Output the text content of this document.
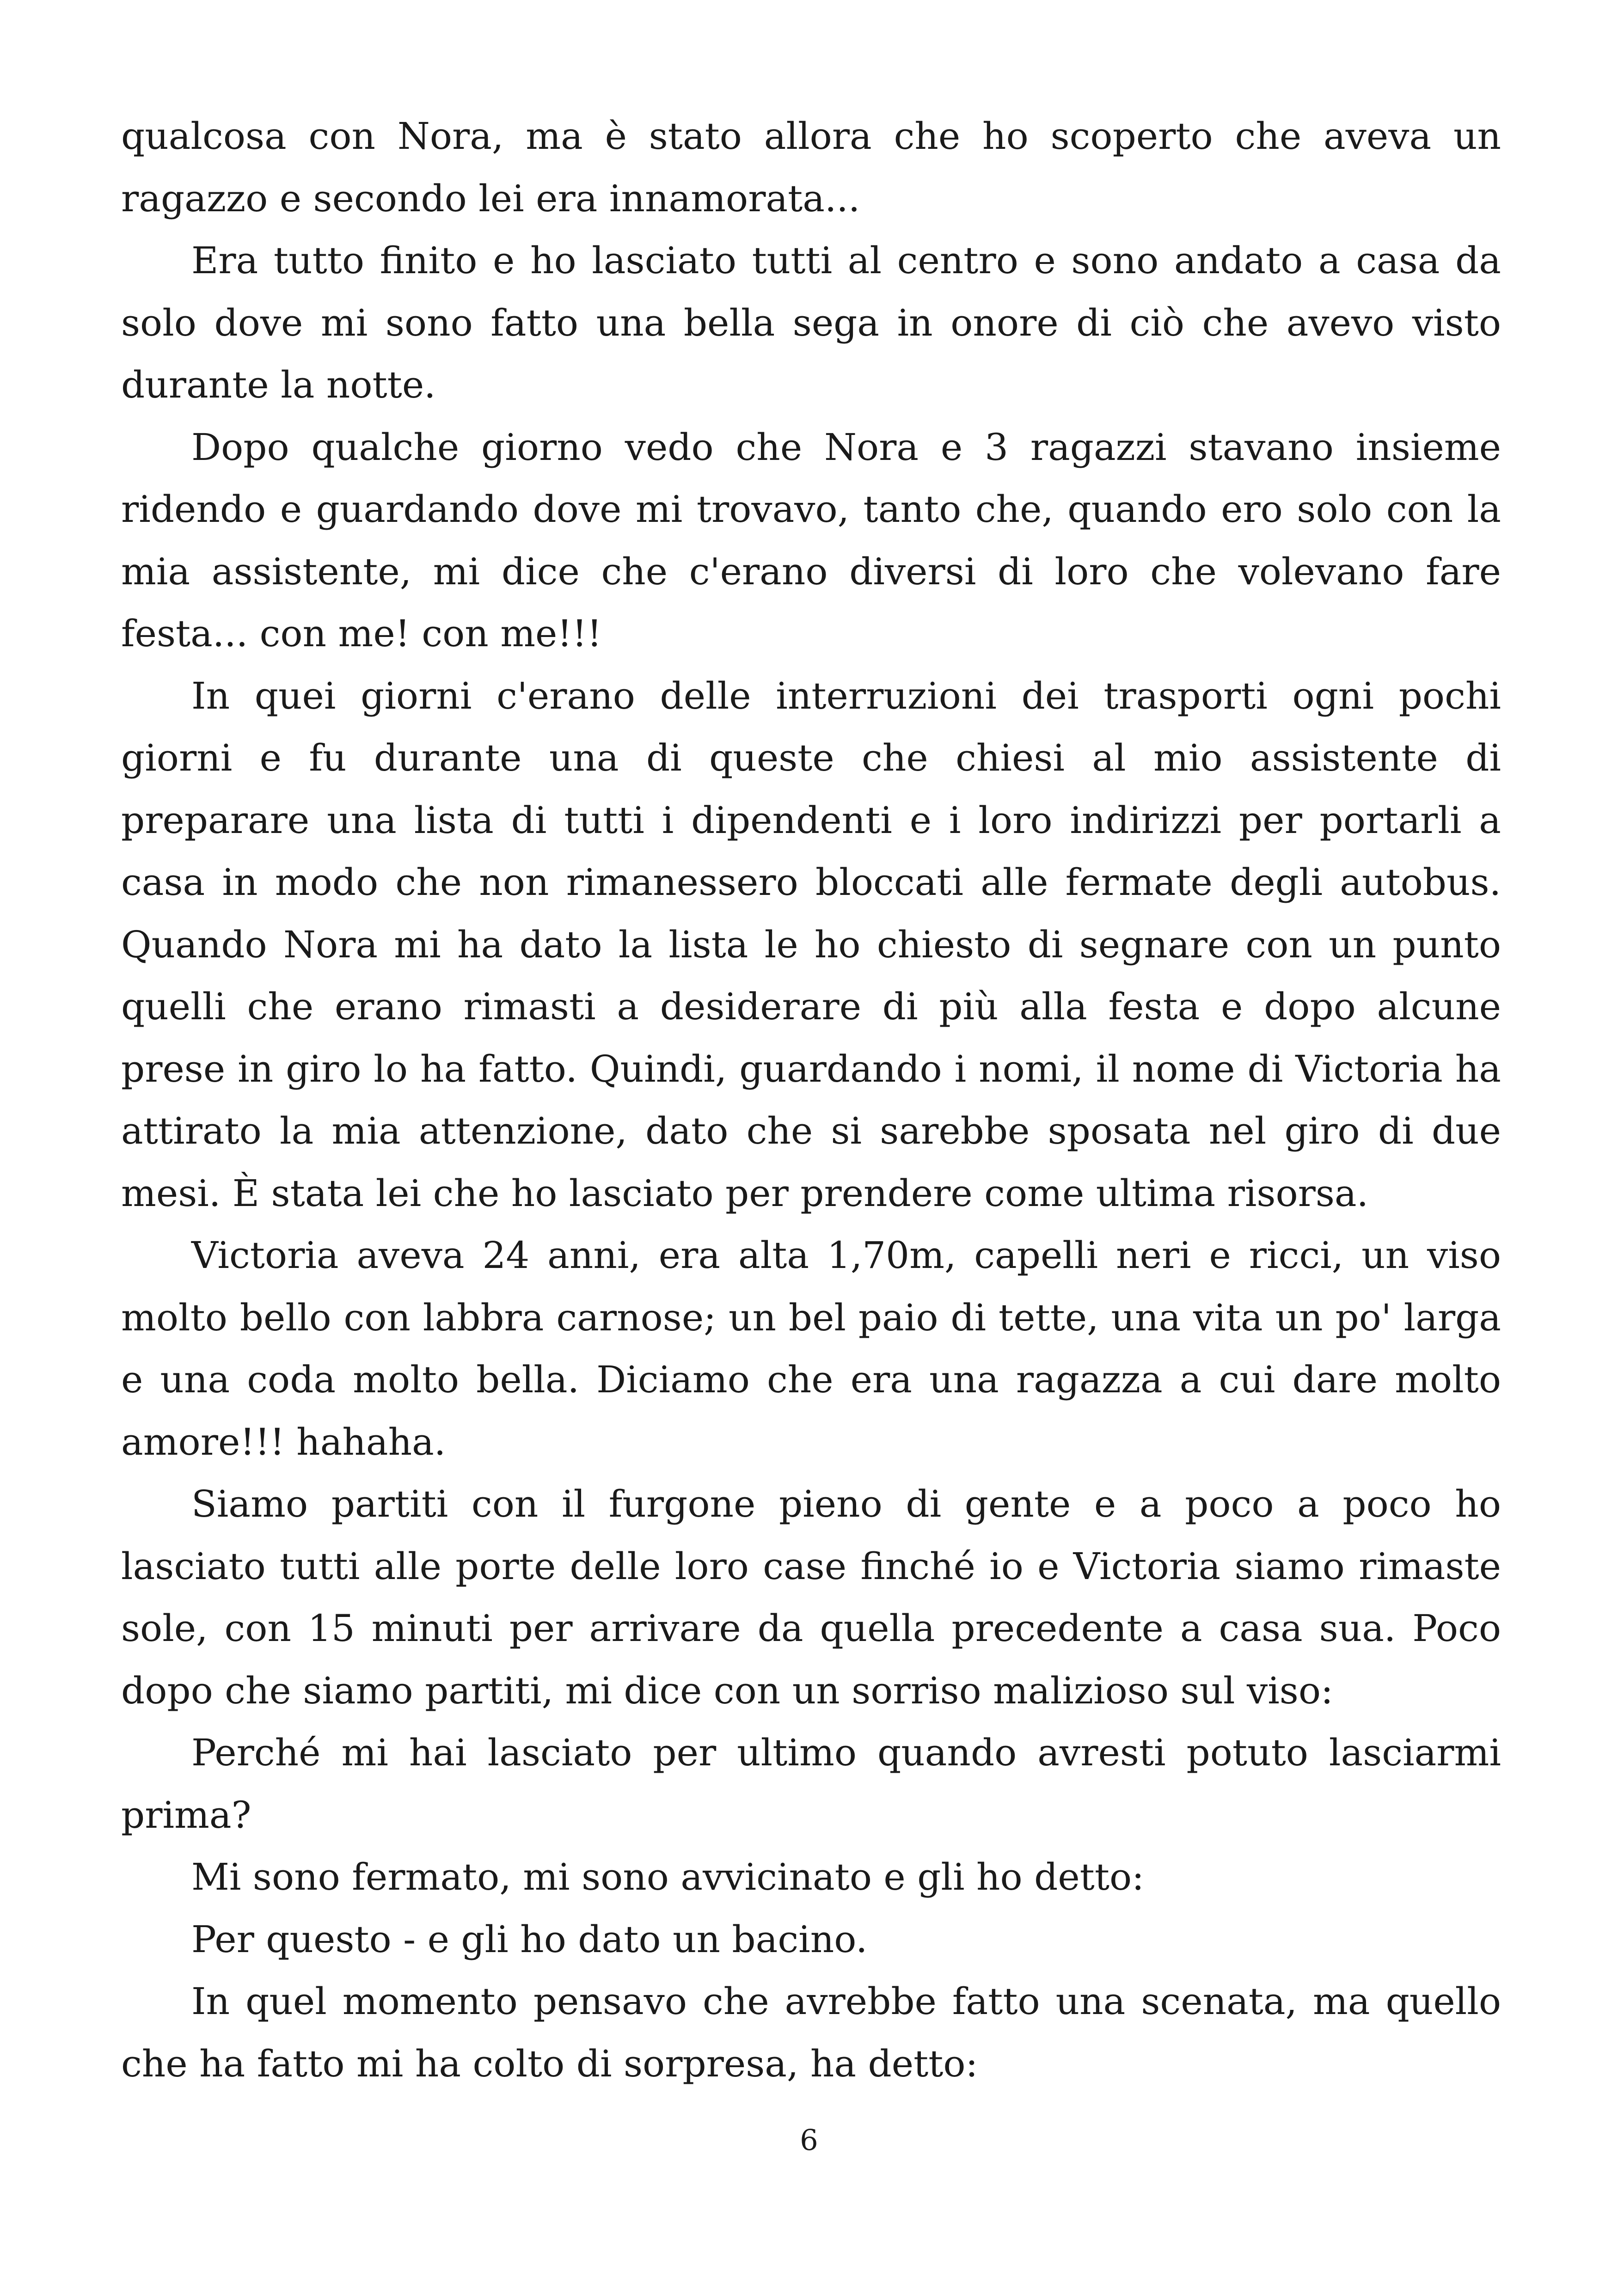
qualcosa con Nora, ma è stato allora che ho scoperto che aveva un ragazzo e secondo lei era innamorata...

Era tutto finito e ho lasciato tutti al centro e sono andato a casa da solo dove mi sono fatto una bella sega in onore di ciò che avevo visto durante la notte.

Dopo qualche giorno vedo che Nora e 3 ragazzi stavano insieme ridendo e guardando dove mi trovavo, tanto che, quando ero solo con la mia assistente, mi dice che c'erano diversi di loro che volevano fare festa... con me! con me!!!

In quei giorni c'erano delle interruzioni dei trasporti ogni pochi giorni e fu durante una di queste che chiesi al mio assistente di preparare una lista di tutti i dipendenti e i loro indirizzi per portarli a casa in modo che non rimanessero bloccati alle fermate degli autobus. Quando Nora mi ha dato la lista le ho chiesto di segnare con un punto quelli che erano rimasti a desiderare di più alla festa e dopo alcune prese in giro lo ha fatto. Quindi, guardando i nomi, il nome di Victoria ha attirato la mia attenzione, dato che si sarebbe sposata nel giro di due mesi. È stata lei che ho lasciato per prendere come ultima risorsa.

Victoria aveva 24 anni, era alta 1,70m, capelli neri e ricci, un viso molto bello con labbra carnose; un bel paio di tette, una vita un po' larga e una coda molto bella. Diciamo che era una ragazza a cui dare molto amore!!! hahaha.

Siamo partiti con il furgone pieno di gente e a poco a poco ho lasciato tutti alle porte delle loro case finché io e Victoria siamo rimaste sole, con 15 minuti per arrivare da quella precedente a casa sua. Poco dopo che siamo partiti, mi dice con un sorriso malizioso sul viso:

Perché mi hai lasciato per ultimo quando avresti potuto lasciarmi prima?

Mi sono fermato, mi sono avvicinato e gli ho detto:

Per questo - e gli ho dato un bacino.

In quel momento pensavo che avrebbe fatto una scenata, ma quello che ha fatto mi ha colto di sorpresa, ha detto:

6
